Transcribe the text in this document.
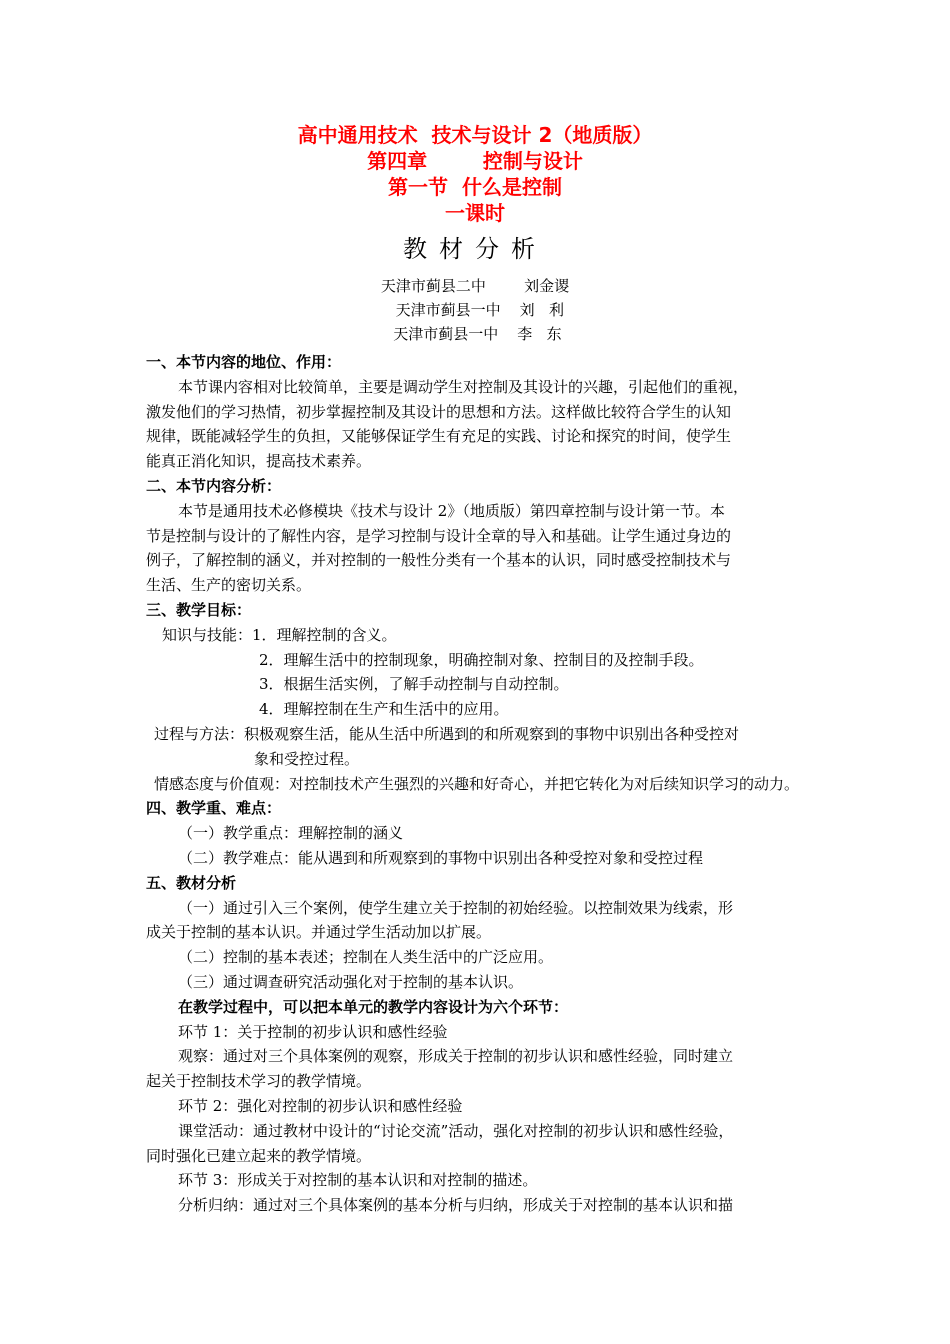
高中通用技术  技术与设计 2（地质版）
第四章        控制与设计
第一节  什么是控制
一课时
教材分析
天津市蓟县二中        刘金谡
天津市蓟县一中    刘   利
天津市蓟县一中    李   东
一、本节内容的地位、作用：
本节课内容相对比较简单，主要是调动学生对控制及其设计的兴趣，引起他们的重视，
激发他们的学习热情，初步掌握控制及其设计的思想和方法。这样做比较符合学生的认知
规律，既能减轻学生的负担，又能够保证学生有充足的实践、讨论和探究的时间，使学生
能真正消化知识，提高技术素养。
二、本节内容分析：
本节是通用技术必修模块《技术与设计 2》（地质版）第四章控制与设计第一节。本
节是控制与设计的了解性内容，是学习控制与设计全章的导入和基础。让学生通过身边的
例子，了解控制的涵义，并对控制的一般性分类有一个基本的认识，同时感受控制技术与
生活、生产的密切关系。
三、教学目标：
知识与技能：1．理解控制的含义。
2．理解生活中的控制现象，明确控制对象、控制目的及控制手段。
3．根据生活实例，了解手动控制与自动控制。
4．理解控制在生产和生活中的应用。
过程与方法：积极观察生活，能从生活中所遇到的和所观察到的事物中识别出各种受控对
象和受控过程。
情感态度与价值观：对控制技术产生强烈的兴趣和好奇心，并把它转化为对后续知识学习的动力。
四、教学重、难点：
（一）教学重点：理解控制的涵义
（二）教学难点：能从遇到和所观察到的事物中识别出各种受控对象和受控过程
五、教材分析
（一）通过引入三个案例，使学生建立关于控制的初始经验。以控制效果为线索，形
成关于控制的基本认识。并通过学生活动加以扩展。
（二）控制的基本表述；控制在人类生活中的广泛应用。
（三）通过调查研究活动强化对于控制的基本认识。
在教学过程中，可以把本单元的教学内容设计为六个环节：
环节 1：关于控制的初步认识和感性经验
观察：通过对三个具体案例的观察，形成关于控制的初步认识和感性经验，同时建立
起关于控制技术学习的教学情境。
环节 2：强化对控制的初步认识和感性经验
课堂活动：通过教材中设计的“讨论交流”活动，强化对控制的初步认识和感性经验，
同时强化已建立起来的教学情境。
环节 3：形成关于对控制的基本认识和对控制的描述。
分析归纳：通过对三个具体案例的基本分析与归纳，形成关于对控制的基本认识和描
